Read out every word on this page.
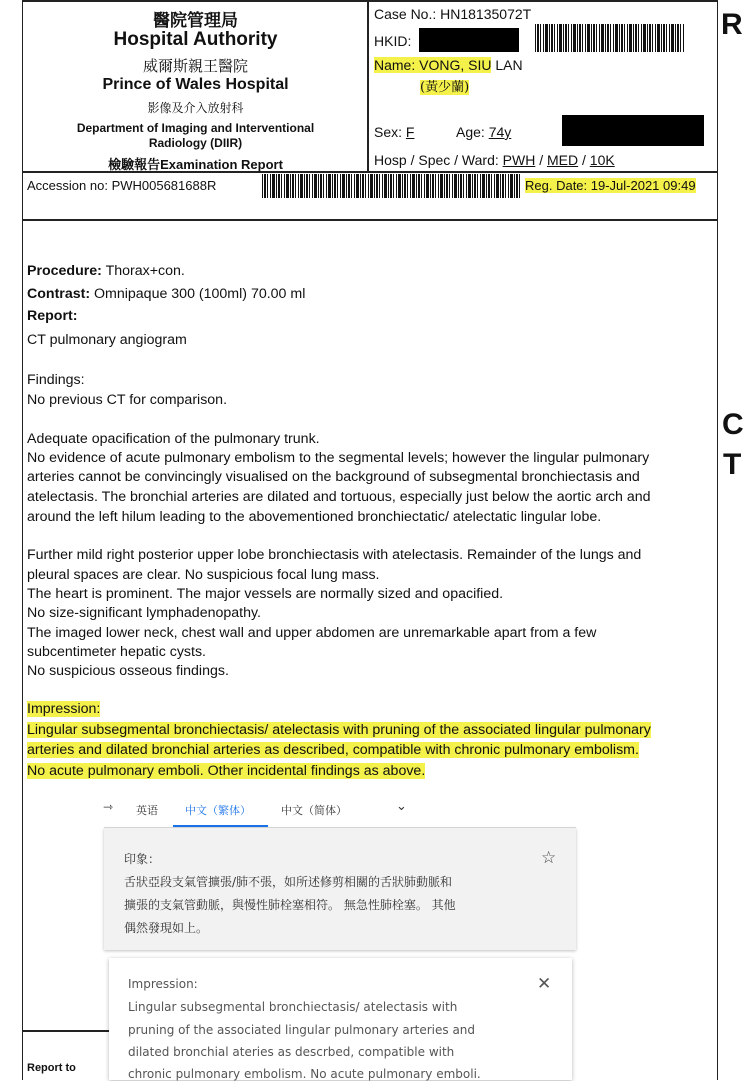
醫院管理局
Hospital Authority
威爾斯親王醫院
Prince of Wales Hospital
影像及介入放射科
Department of Imaging and Interventional
Radiology (DIIR)
檢驗報告Examination Report
Case No.: HN18135072T
HKID:
Name: VONG, SIU LAN
(黃少蘭)
Sex: F	Age: 74y
Hosp / Spec / Ward: PWH / MED / 10K
Accession no: PWH005681688R	Reg. Date: 19-Jul-2021 09:49
R
C
T
Procedure: Thorax+con.
Contrast: Omnipaque 300 (100ml) 70.00 ml
Report:
CT pulmonary angiogram
Findings:
No previous CT for comparison.
Adequate opacification of the pulmonary trunk.
No evidence of acute pulmonary embolism to the segmental levels; however the lingular pulmonary
arteries cannot be convincingly visualised on the background of subsegmental bronchiectasis and
atelectasis. The bronchial arteries are dilated and tortuous, especially just below the aortic arch and
around the left hilum leading to the abovementioned bronchiectatic/ atelectatic lingular lobe.
Further mild right posterior upper lobe bronchiectasis with atelectasis. Remainder of the lungs and
pleural spaces are clear. No suspicious focal lung mass.
The heart is prominent. The major vessels are normally sized and opacified.
No size-significant lymphadenopathy.
The imaged lower neck, chest wall and upper abdomen are unremarkable apart from a few
subcentimeter hepatic cysts.
No suspicious osseous findings.
Impression:
Lingular subsegmental bronchiectasis/ atelectasis with pruning of the associated lingular pulmonary
arteries and dilated bronchial arteries as described, compatible with chronic pulmonary embolism.
No acute pulmonary emboli. Other incidental findings as above.
Report to
⇾ 英语 中文（繁体）	中文（简体）	⌄
印象：
舌狀亞段支氣管擴張/肺不張，如所述修剪相關的舌狀肺動脈和
擴張的支氣管動脈，與慢性肺栓塞相符。 無急性肺栓塞。 其他
偶然發現如上。
☆
Impression:
Lingular subsegmental bronchiectasis/ atelectasis with
pruning of the associated lingular pulmonary arteries and
dilated bronchial ateries as descrbed, compatible with
chronic pulmonary embolism. No acute pulmonary emboli.
✕
